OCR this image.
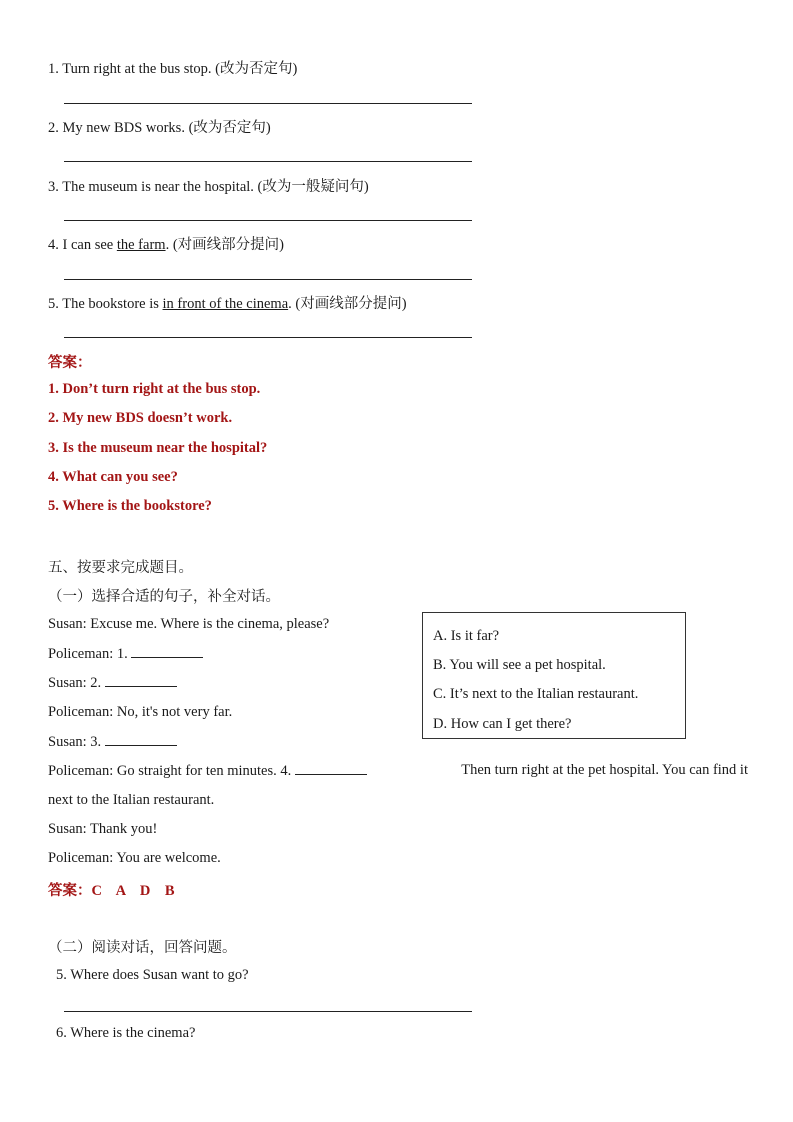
1. Turn right at the bus stop. (改为否定句)
2. My new BDS works. (改为否定句)
3. The museum is near the hospital. (改为一般疑问句)
4. I can see the farm. (对画线部分提问)
5. The bookstore is in front of the cinema. (对画线部分提问)
答案：
1. Don’t turn right at the bus stop.
2. My new BDS doesn’t work.
3. Is the museum near the hospital?
4. What can you see?
5. Where is the bookstore?
五、按要求完成题目。
（一）选择合适的句子，补全对话。
Susan: Excuse me. Where is the cinema, please?
Policeman: 1.
Susan: 2.
Policeman: No, it's not very far.
Susan: 3.
A. Is it far?
B. You will see a pet hospital.
C. It’s next to the Italian restaurant.
D. How can I get there?
Policeman: Go straight for ten minutes. 4.	Then turn right at the pet hospital. You can find it
next to the Italian restaurant.
Susan: Thank you!
Policeman: You are welcome.
答案：C    A    D    B
（二）阅读对话，回答问题。
5. Where does Susan want to go?
6. Where is the cinema?
